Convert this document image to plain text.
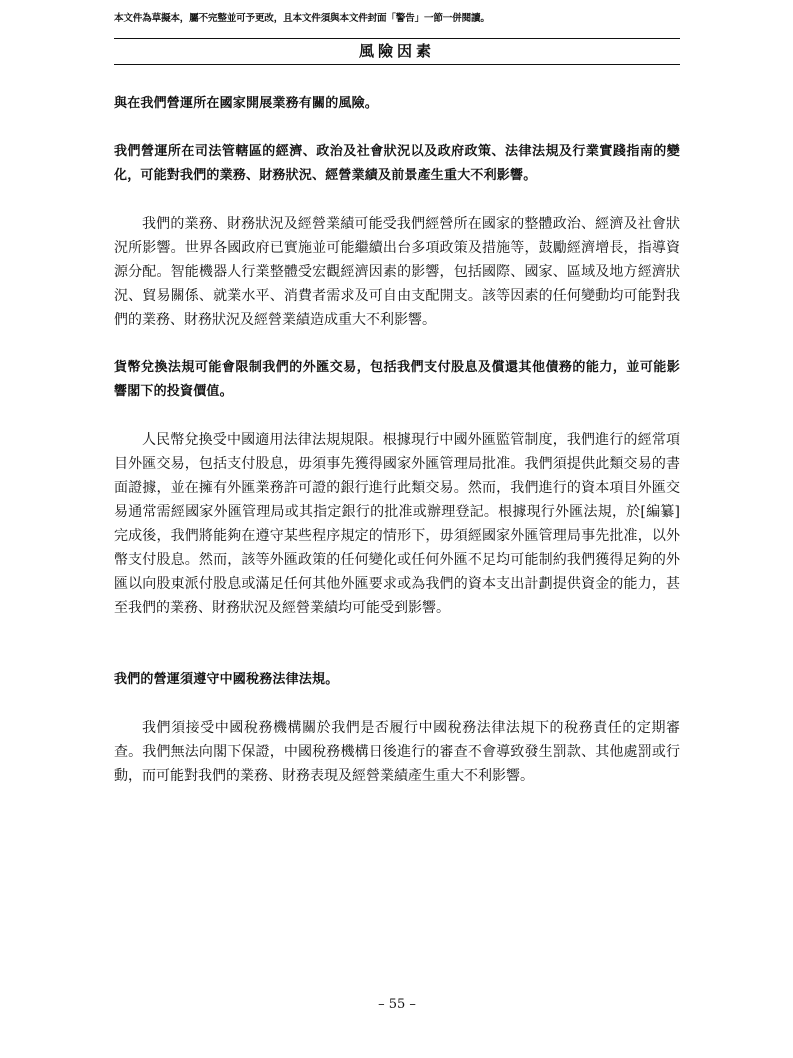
本文件為草擬本，屬不完整並可予更改，且本文件須與本文件封面「警告」一節一併閱讀。
風險因素
與在我們營運所在國家開展業務有關的風險。
我們營運所在司法管轄區的經濟、政治及社會狀況以及政府政策、法律法規及行業實踐指南的變化，可能對我們的業務、財務狀況、經營業績及前景產生重大不利影響。
我們的業務、財務狀況及經營業績可能受我們經營所在國家的整體政治、經濟及社會狀況所影響。世界各國政府已實施並可能繼續出台多項政策及措施等，鼓勵經濟增長，指導資源分配。智能機器人行業整體受宏觀經濟因素的影響，包括國際、國家、區域及地方經濟狀況、貿易關係、就業水平、消費者需求及可自由支配開支。該等因素的任何變動均可能對我們的業務、財務狀況及經營業績造成重大不利影響。
貨幣兌換法規可能會限制我們的外匯交易，包括我們支付股息及償還其他債務的能力，並可能影響閣下的投資價值。
人民幣兌換受中國適用法律法規規限。根據現行中國外匯監管制度，我們進行的經常項目外匯交易，包括支付股息，毋須事先獲得國家外匯管理局批准。我們須提供此類交易的書面證據，並在擁有外匯業務許可證的銀行進行此類交易。然而，我們進行的資本項目外匯交易通常需經國家外匯管理局或其指定銀行的批准或辦理登記。根據現行外匯法規，於[編纂]完成後，我們將能夠在遵守某些程序規定的情形下，毋須經國家外匯管理局事先批准，以外幣支付股息。然而，該等外匯政策的任何變化或任何外匯不足均可能制約我們獲得足夠的外匯以向股東派付股息或滿足任何其他外匯要求或為我們的資本支出計劃提供資金的能力，甚至我們的業務、財務狀況及經營業績均可能受到影響。
我們的營運須遵守中國稅務法律法規。
我們須接受中國稅務機構關於我們是否履行中國稅務法律法規下的稅務責任的定期審查。我們無法向閣下保證，中國稅務機構日後進行的審查不會導致發生罰款、其他處罰或行動，而可能對我們的業務、財務表現及經營業績產生重大不利影響。
– 55 –
